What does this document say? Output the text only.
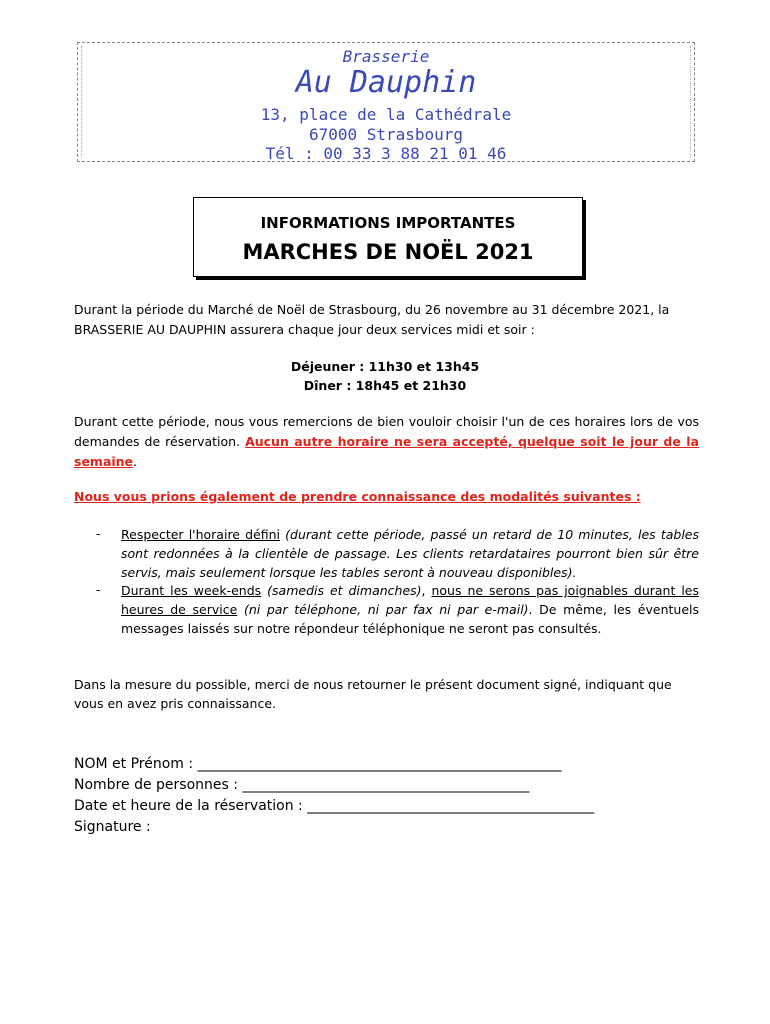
Brasserie
Au Dauphin
13, place de la Cathédrale
67000 Strasbourg
Tél : 00 33 3 88 21 01 46
INFORMATIONS IMPORTANTES
MARCHES DE NOËL 2021
Durant la période du Marché de Noël de Strasbourg, du 26 novembre au 31 décembre 2021, la
BRASSERIE AU DAUPHIN assurera chaque jour deux services midi et soir :
Déjeuner : 11h30 et 13h45
Dîner : 18h45 et 21h30
Durant cette période, nous vous remercions de bien vouloir choisir l'un de ces horaires lors de vos demandes de réservation. Aucun autre horaire ne sera accepté, quelque soit le jour de la semaine.
Nous vous prions également de prendre connaissance des modalités suivantes :
- Respecter l'horaire défini (durant cette période, passé un retard de 10 minutes, les tables sont redonnées à la clientèle de passage. Les clients retardataires pourront bien sûr être servis, mais seulement lorsque les tables seront à nouveau disponibles).
- Durant les week-ends (samedis et dimanches), nous ne serons pas joignables durant les heures de service (ni par téléphone, ni par fax ni par e-mail). De même, les éventuels messages laissés sur notre répondeur téléphonique ne seront pas consultés.
Dans la mesure du possible, merci de nous retourner le présent document signé, indiquant que
vous en avez pris connaissance.
NOM et Prénom : ____________________________________________________
Nombre de personnes : _________________________________________
Date et heure de la réservation : _________________________________________
Signature :
